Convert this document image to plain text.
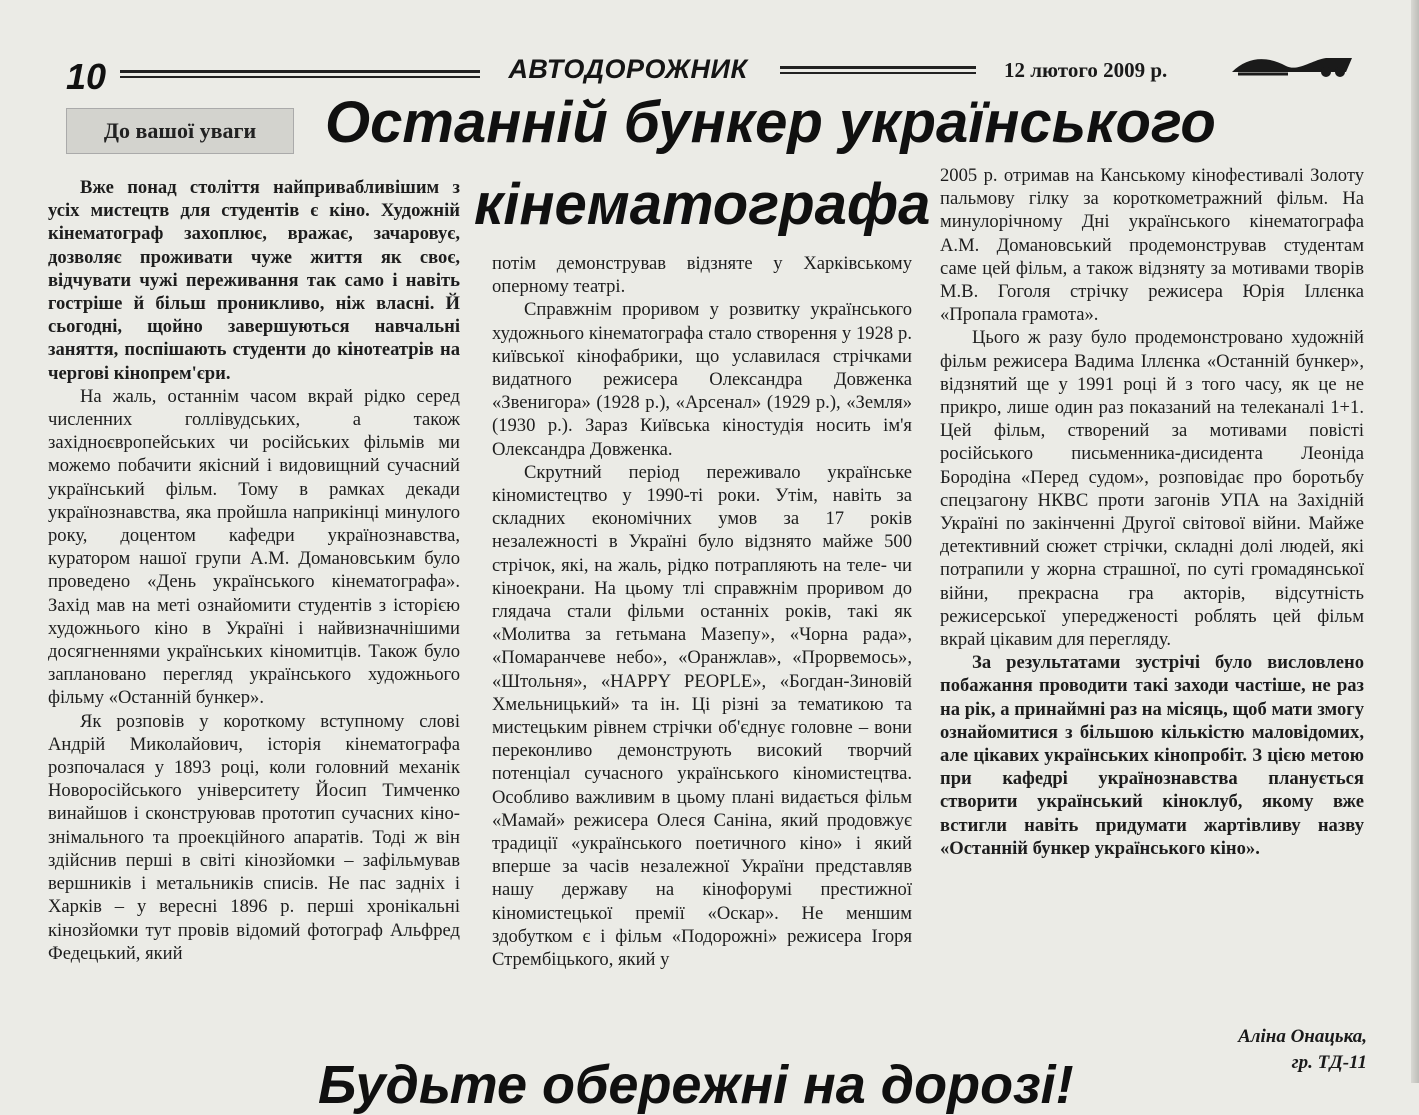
10	АВТОДОРОЖНИК	12 лютого 2009 р.
До вашої уваги	Останній бункер українського
кінематографа

Вже понад століття найпривабливішим з усіх мистецтв для студентів є кіно. Художній кінематограф захоплює, вражає, зачаровує, дозволяє проживати чуже життя як своє, відчувати чужі переживання так само і навіть гостріше й більш проникливо, ніж власні. Й сьогодні, щойно завершуються навчальні заняття, поспішають студенти до кінотеатрів на чергові кінопрем'єри.

На жаль, останнім часом вкрай рідко серед численних голлівудських, а також західноєвропейських чи російських фільмів ми можемо побачити якісний і видовищний сучасний український фільм. Тому в рамках декади українознавства, яка пройшла наприкінці минулого року, доцентом кафедри українознавства, куратором нашої групи А.М. Домановським було проведено «День українського кінематографа». Захід мав на меті ознайомити студентів з історією художнього кіно в Україні і найвизначнішими досягненнями українських кіномитців. Також було заплановано перегляд українського художнього фільму «Останній бункер».

Як розповів у короткому вступному слові Андрій Миколайович, історія кінематографа розпочалася у 1893 році, коли головний механік Новоросійського університету Йосип Тимченко винайшов і сконструював прототип сучасних кіно-знімального та проекційного апаратів. Тоді ж він здійснив перші в світі кінозйомки – зафільмував вершників і метальників списів. Не пас задніх і Харків – у вересні 1896 р. перші хронікальні кінозйомки тут провів відомий фотограф Альфред Федецький, який

потім демонстрував відзняте у Харківському оперному театрі.

Справжнім проривом у розвитку українського художнього кінематографа стало створення у 1928 р. київської кінофабрики, що уславилася стрічками видатного режисера Олександра Довженка «Звенигора» (1928 р.), «Арсенал» (1929 р.), «Земля» (1930 р.). Зараз Київська кіностудія носить ім'я Олександра Довженка.

Скрутний період переживало українське кіномистецтво у 1990-ті роки. Утім, навіть за складних економічних умов за 17 років незалежності в Україні було відзнято майже 500 стрічок, які, на жаль, рідко потрапляють на теле- чи кіноекрани. На цьому тлі справжнім проривом до глядача стали фільми останніх років, такі як «Молитва за гетьмана Мазепу», «Чорна рада», «Помаранчеве небо», «Оранжлав», «Прорвемось», «Штольня», «HAPPY PEOPLE», «Богдан-Зиновій Хмельницький» та ін. Ці різні за тематикою та мистецьким рівнем стрічки об'єднує головне – вони переконливо демонструють високий творчий потенціал сучасного українського кіномистецтва. Особливо важливим в цьому плані видається фільм «Мамай» режисера Олеся Саніна, який продовжує традиції «українського поетичного кіно» і який вперше за часів незалежної України представляв нашу державу на кінофорумі престижної кіномистецької премії «Оскар». Не меншим здобутком є і фільм «Подорожні» режисера Ігоря Стрембіцького, який у

2005 р. отримав на Канському кінофестивалі Золоту пальмову гілку за короткометражний фільм. На минулорічному Дні українського кінематографа А.М. Домановський продемонстрував студентам саме цей фільм, а також відзняту за мотивами творів М.В. Гоголя стрічку режисера Юрія Іллєнка «Пропала грамота».

Цього ж разу було продемонстровано художній фільм режисера Вадима Іллєнка «Останній бункер», відзнятий ще у 1991 році й з того часу, як це не прикро, лише один раз показаний на телеканалі 1+1. Цей фільм, створений за мотивами повісті російського письменника-дисидента Леоніда Бородіна «Перед судом», розповідає про боротьбу спецзагону НКВС проти загонів УПА на Західній Україні по закінченні Другої світової війни. Майже детективний сюжет стрічки, складні долі людей, які потрапили у жорна страшної, по суті громадянської війни, прекрасна гра акторів, відсутність режисерської упередженості роблять цей фільм вкрай цікавим для перегляду.

За результатами зустрічі було висловлено побажання проводити такі заходи частіше, не раз на рік, а принаймні раз на місяць, щоб мати змогу ознайомитися з більшою кількістю маловідомих, але цікавих українських кінопробіт. З цією метою при кафедрі українознавства планується створити український кіноклуб, якому вже встигли навіть придумати жартівливу назву «Останній бункер українського кіно».

Аліна Онацька,
гр. ТД-11
Будьте обережні на дорозі!
